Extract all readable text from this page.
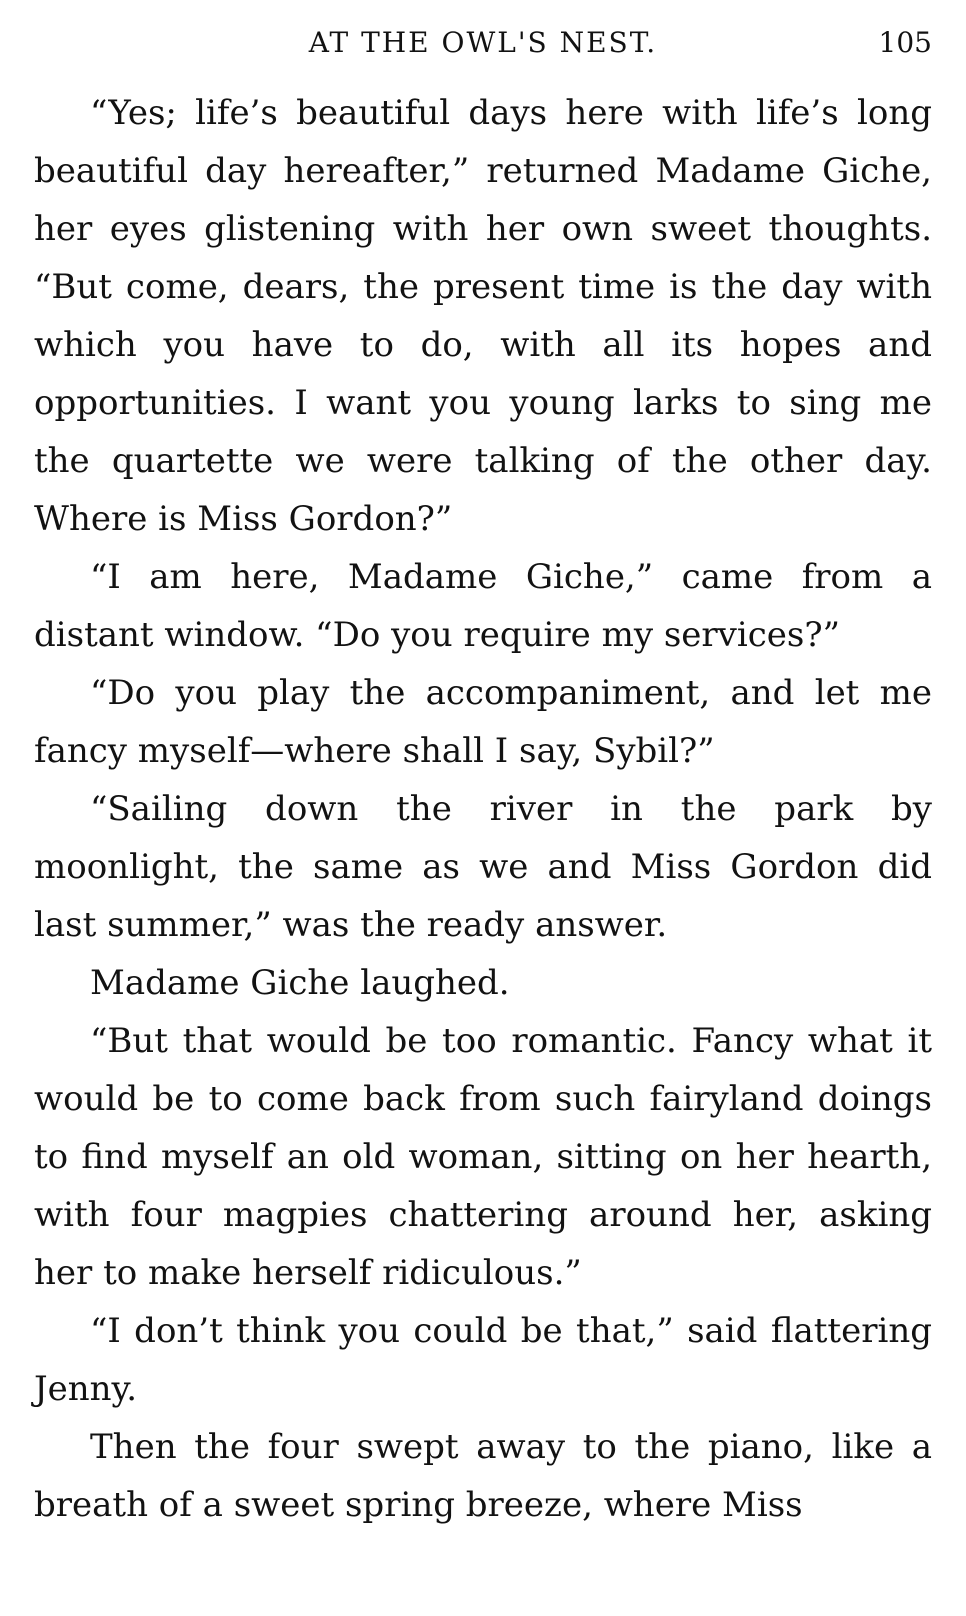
AT THE OWL'S NEST.	105

“Yes; life’s beautiful days here with life’s long beautiful day hereafter,” returned Madame Giche, her eyes glistening with her own sweet thoughts. “But come, dears, the present time is the day with which you have to do, with all its hopes and opportunities. I want you young larks to sing me the quartette we were talking of the other day. Where is Miss Gordon?”

“I am here, Madame Giche,” came from a distant window. “Do you require my services?”

“Do you play the accompaniment, and let me fancy myself—where shall I say, Sybil?”

“Sailing down the river in the park by moonlight, the same as we and Miss Gordon did last summer,” was the ready answer.

Madame Giche laughed.

“But that would be too romantic. Fancy what it would be to come back from such fairyland doings to find myself an old woman, sitting on her hearth, with four magpies chattering around her, asking her to make herself ridiculous.”

“I don’t think you could be that,” said flattering Jenny.

Then the four swept away to the piano, like a breath of a sweet spring breeze, where Miss
